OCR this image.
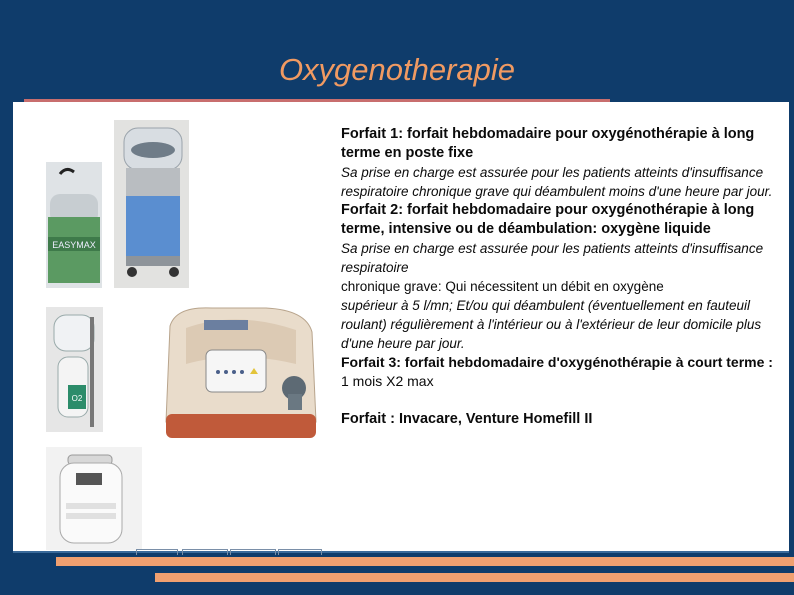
Oxygenotherapie
EASYMAX
O2
Forfait 1: forfait hebdomadaire pour oxygénothérapie à long terme en poste fixe
Sa prise en charge est assurée pour les patients atteints d'insuffisance respiratoire chronique grave qui déambulent moins d'une heure par jour.
Forfait 2: forfait hebdomadaire pour oxygénothérapie à long terme, intensive ou de déambulation: oxygène liquide
Sa prise en charge est assurée pour les patients atteints d'insuffisance respiratoire
chronique grave: Qui nécessitent un débit en oxygène
supérieur à 5 l/mn; Et/ou qui déambulent (éventuellement en fauteuil roulant) régulièrement à l'intérieur ou à l'extérieur de leur domicile plus d'une heure par jour.
Forfait 3: forfait hebdomadaire d'oxygénothérapie à court terme : 1 mois X2 max
Forfait : Invacare, Venture Homefill II
